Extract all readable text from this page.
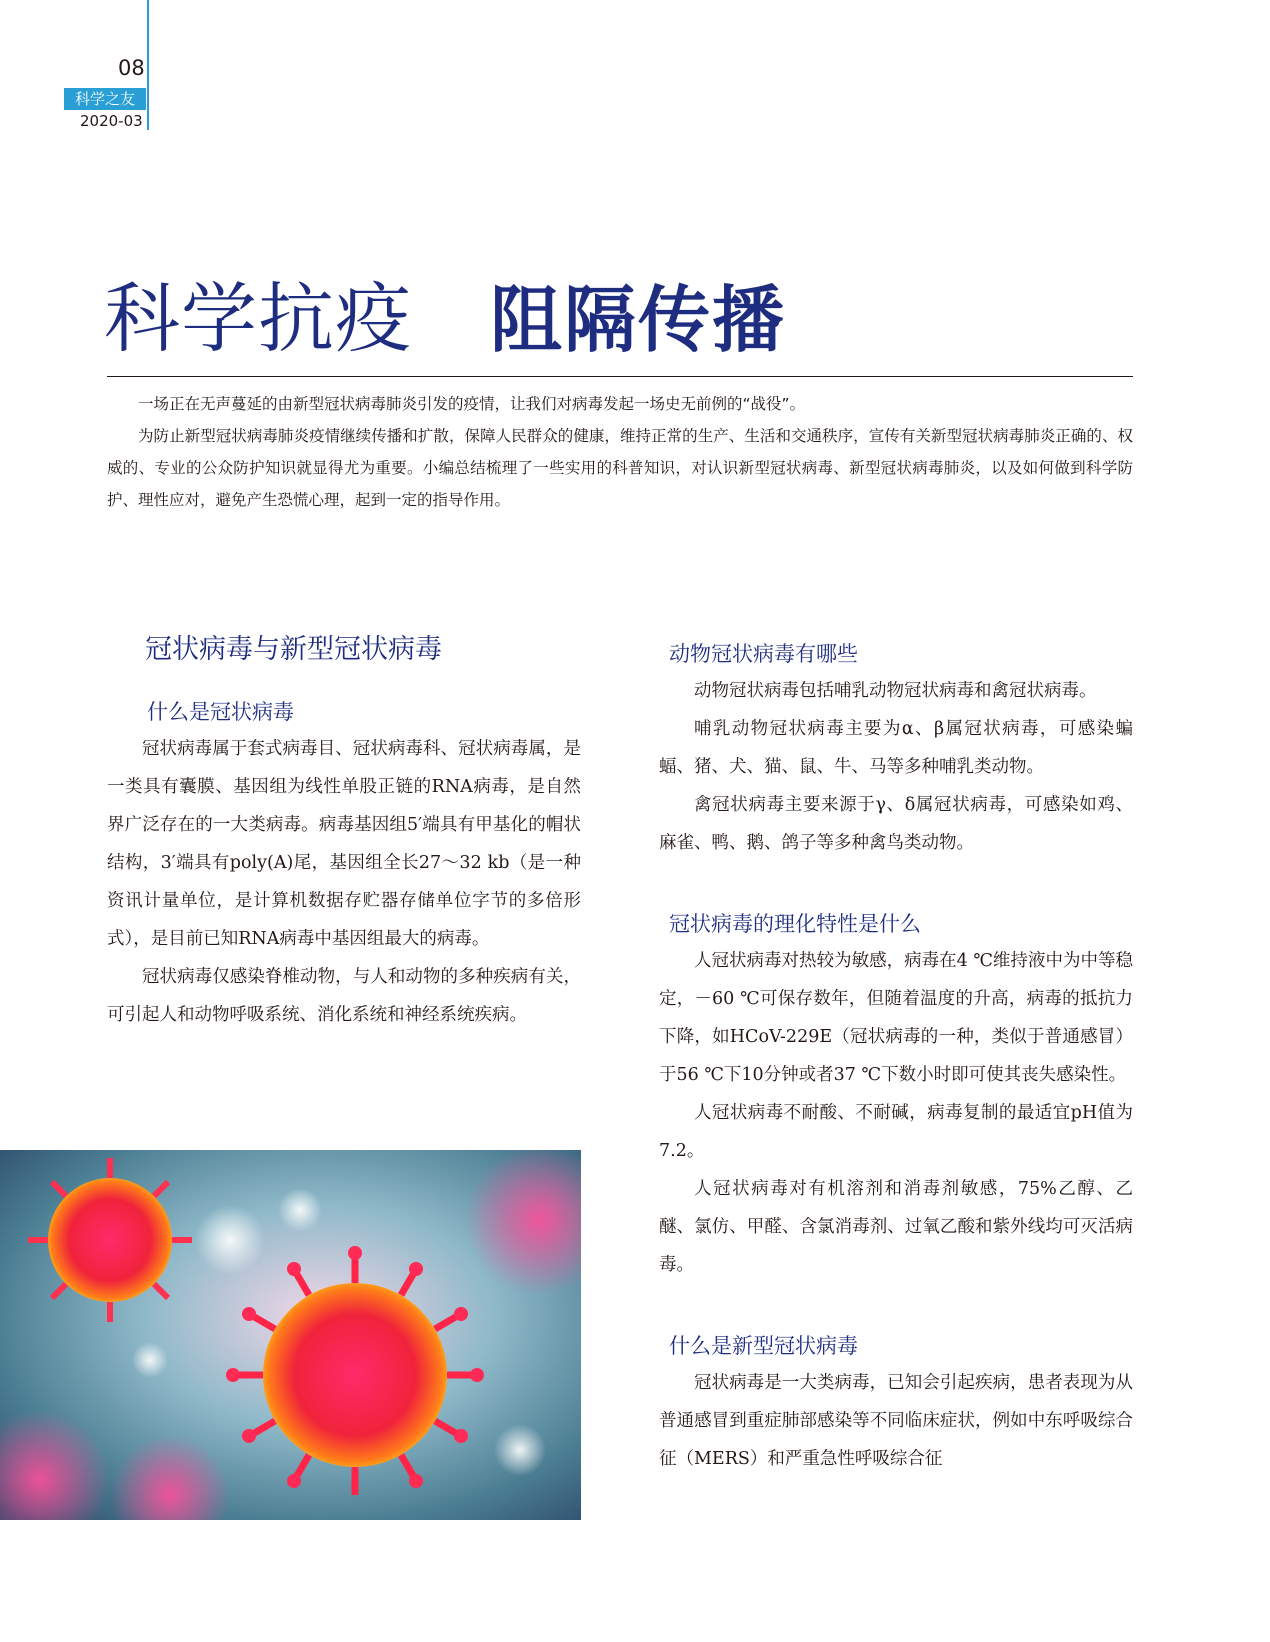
08
科学之友
2020-03
科学抗疫 阻隔传播

一场正在无声蔓延的由新型冠状病毒肺炎引发的疫情，让我们对病毒发起一场史无前例的“战役”。

为防止新型冠状病毒肺炎疫情继续传播和扩散，保障人民群众的健康，维持正常的生产、生活和交通秩序，宣传有关新型冠状病毒肺炎正确的、权威的、专业的公众防护知识就显得尤为重要。小编总结梳理了一些实用的科普知识，对认识新型冠状病毒、新型冠状病毒肺炎，以及如何做到科学防护、理性应对，避免产生恐慌心理，起到一定的指导作用。

冠状病毒与新型冠状病毒
什么是冠状病毒

冠状病毒属于套式病毒目、冠状病毒科、冠状病毒属，是一类具有囊膜、基因组为线性单股正链的RNA病毒，是自然界广泛存在的一大类病毒。病毒基因组5′端具有甲基化的帽状结构，3′端具有poly(A)尾，基因组全长27～32 kb（是一种资讯计量单位，是计算机数据存贮器存储单位字节的多倍形式），是目前已知RNA病毒中基因组最大的病毒。

冠状病毒仅感染脊椎动物，与人和动物的多种疾病有关，可引起人和动物呼吸系统、消化系统和神经系统疾病。

动物冠状病毒有哪些

动物冠状病毒包括哺乳动物冠状病毒和禽冠状病毒。

哺乳动物冠状病毒主要为α、β属冠状病毒，可感染蝙蝠、猪、犬、猫、鼠、牛、马等多种哺乳类动物。

禽冠状病毒主要来源于γ、δ属冠状病毒，可感染如鸡、麻雀、鸭、鹅、鸽子等多种禽鸟类动物。

冠状病毒的理化特性是什么

人冠状病毒对热较为敏感，病毒在4 ℃维持液中为中等稳定，－60 ℃可保存数年，但随着温度的升高，病毒的抵抗力下降，如HCoV-229E（冠状病毒的一种，类似于普通感冒）于56 ℃下10分钟或者37 ℃下数小时即可使其丧失感染性。

人冠状病毒不耐酸、不耐碱，病毒复制的最适宜pH值为7.2。

人冠状病毒对有机溶剂和消毒剂敏感，75%乙醇、乙醚、氯仿、甲醛、含氯消毒剂、过氧乙酸和紫外线均可灭活病毒。

什么是新型冠状病毒

冠状病毒是一大类病毒，已知会引起疾病，患者表现为从普通感冒到重症肺部感染等不同临床症状，例如中东呼吸综合征（MERS）和严重急性呼吸综合征
